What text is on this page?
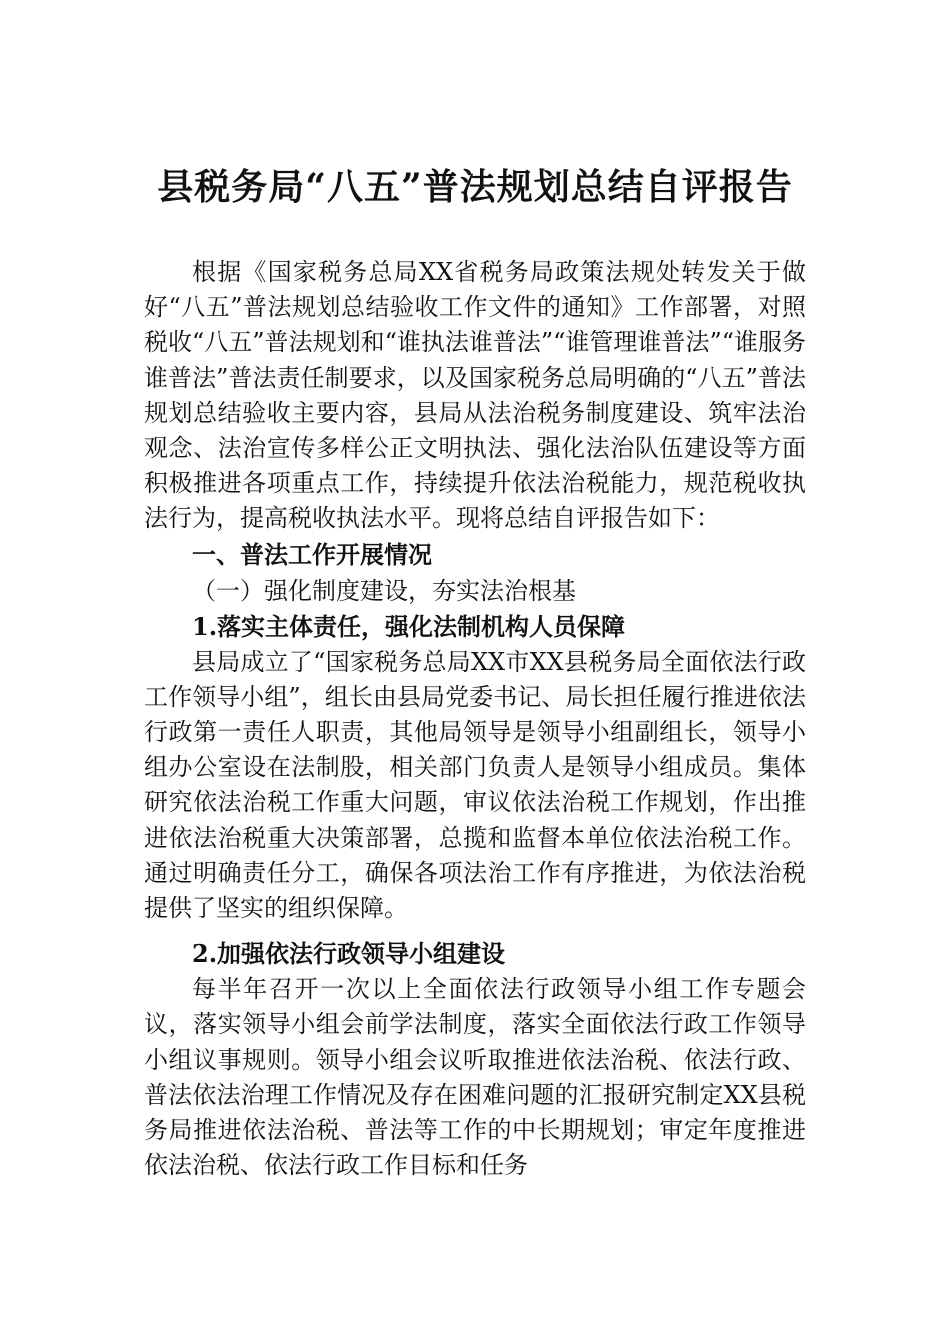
县税务局“八五”普法规划总结自评报告

根据《国家税务总局XX省税务局政策法规处转发关于做好“八五”普法规划总结验收工作文件的通知》工作部署，对照税收“八五”普法规划和“谁执法谁普法”“谁管理谁普法”“谁服务谁普法”普法责任制要求，以及国家税务总局明确的“八五”普法规划总结验收主要内容，县局从法治税务制度建设、筑牢法治观念、法治宣传多样公正文明执法、强化法治队伍建设等方面积极推进各项重点工作，持续提升依法治税能力，规范税收执法行为，提高税收执法水平。现将总结自评报告如下：

一、普法工作开展情况

（一）强化制度建设，夯实法治根基

1.落实主体责任，强化法制机构人员保障

县局成立了“国家税务总局XX市XX县税务局全面依法行政工作领导小组”，组长由县局党委书记、局长担任履行推进依法行政第一责任人职责，其他局领导是领导小组副组长，领导小组办公室设在法制股，相关部门负责人是领导小组成员。集体研究依法治税工作重大问题，审议依法治税工作规划，作出推进依法治税重大决策部署，总揽和监督本单位依法治税工作。通过明确责任分工，确保各项法治工作有序推进，为依法治税提供了坚实的组织保障。

2.加强依法行政领导小组建设

每半年召开一次以上全面依法行政领导小组工作专题会议，落实领导小组会前学法制度，落实全面依法行政工作领导小组议事规则。领导小组会议听取推进依法治税、依法行政、普法依法治理工作情况及存在困难问题的汇报研究制定XX县税务局推进依法治税、普法等工作的中长期规划；审定年度推进依法治税、依法行政工作目标和任务
